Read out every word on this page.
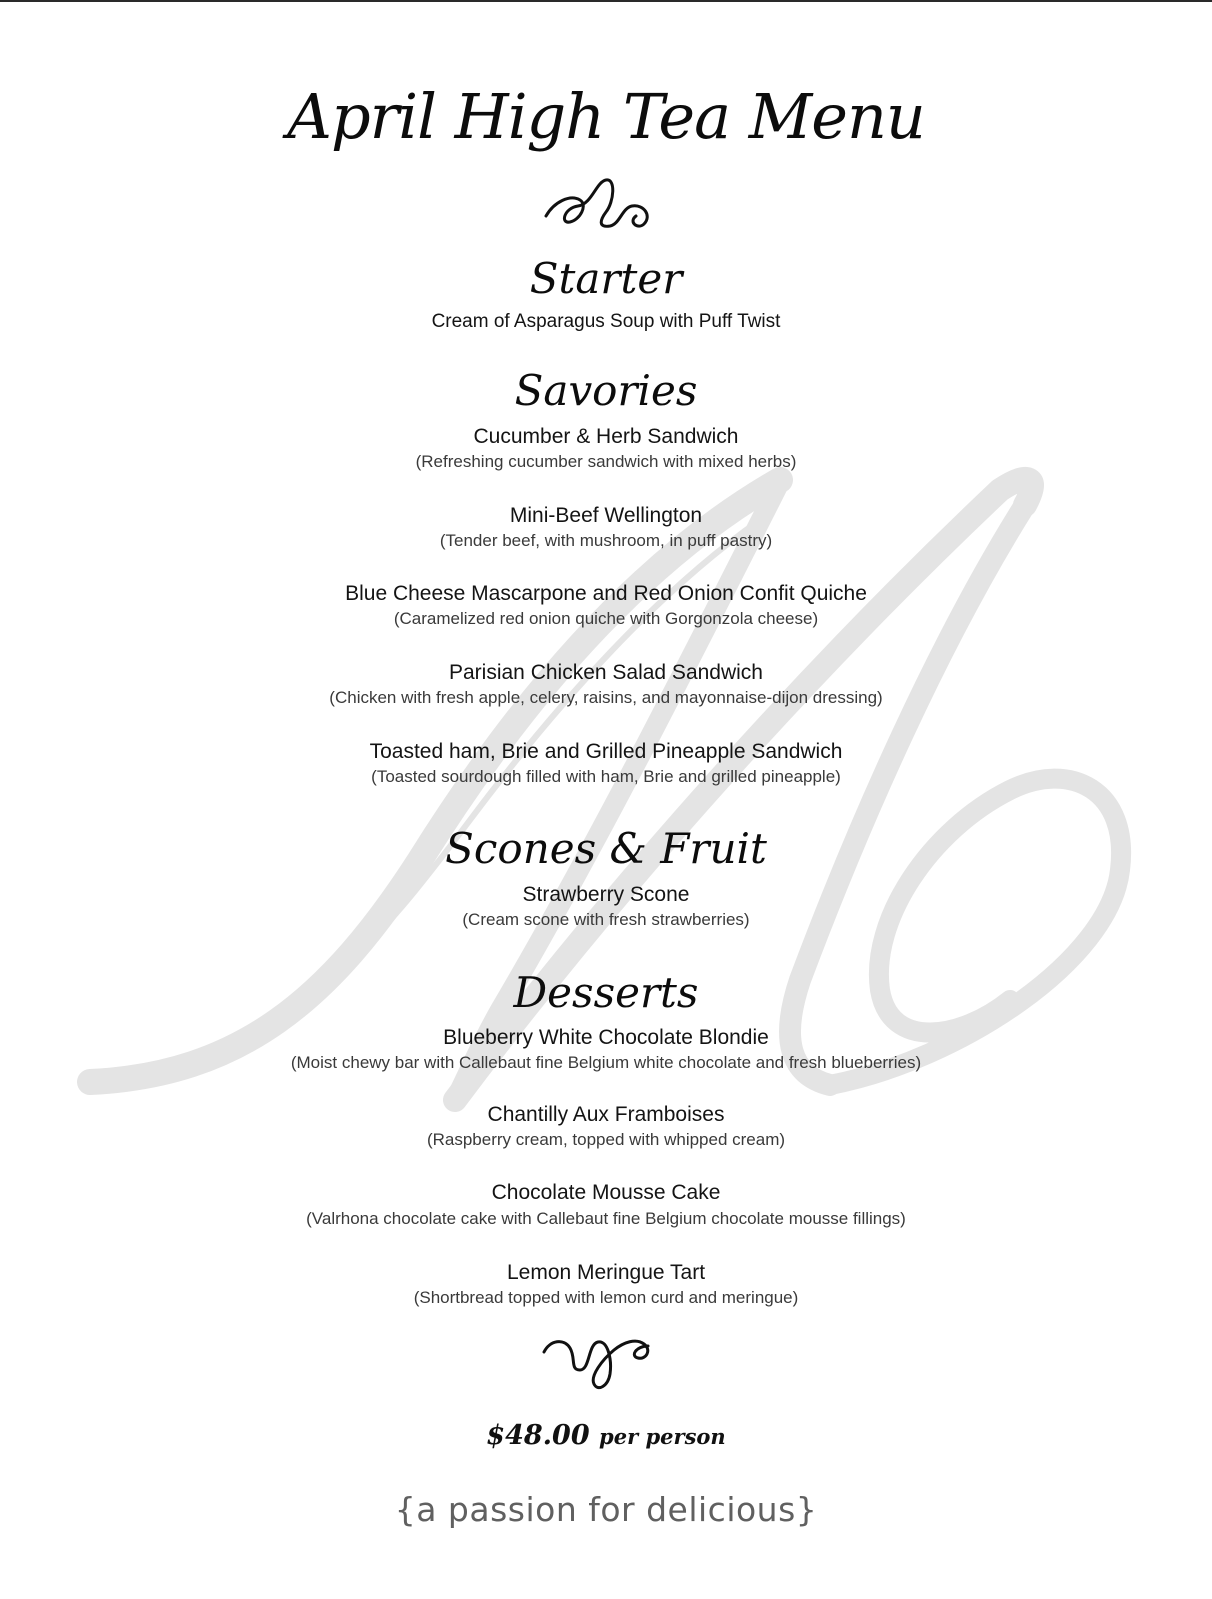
April High Tea Menu
Starter
Cream of Asparagus Soup with Puff Twist
Savories
Cucumber & Herb Sandwich
(Refreshing cucumber sandwich with mixed herbs)
Mini-Beef Wellington
(Tender beef, with mushroom, in puff pastry)
Blue Cheese Mascarpone and Red Onion Confit Quiche
(Caramelized red onion quiche with Gorgonzola cheese)
Parisian Chicken Salad Sandwich
(Chicken with fresh apple, celery, raisins, and mayonnaise-dijon dressing)
Toasted ham, Brie and Grilled Pineapple Sandwich
(Toasted sourdough filled with ham, Brie and grilled pineapple)
Scones & Fruit
Strawberry Scone
(Cream scone with fresh strawberries)
Desserts
Blueberry White Chocolate Blondie
(Moist chewy bar with Callebaut fine Belgium white chocolate and fresh blueberries)
Chantilly Aux Framboises
(Raspberry cream, topped with whipped cream)
Chocolate Mousse Cake
(Valrhona chocolate cake with Callebaut fine Belgium chocolate mousse fillings)
Lemon Meringue Tart
(Shortbread topped with lemon curd and meringue)
$48.00 per person
{a passion for delicious}
